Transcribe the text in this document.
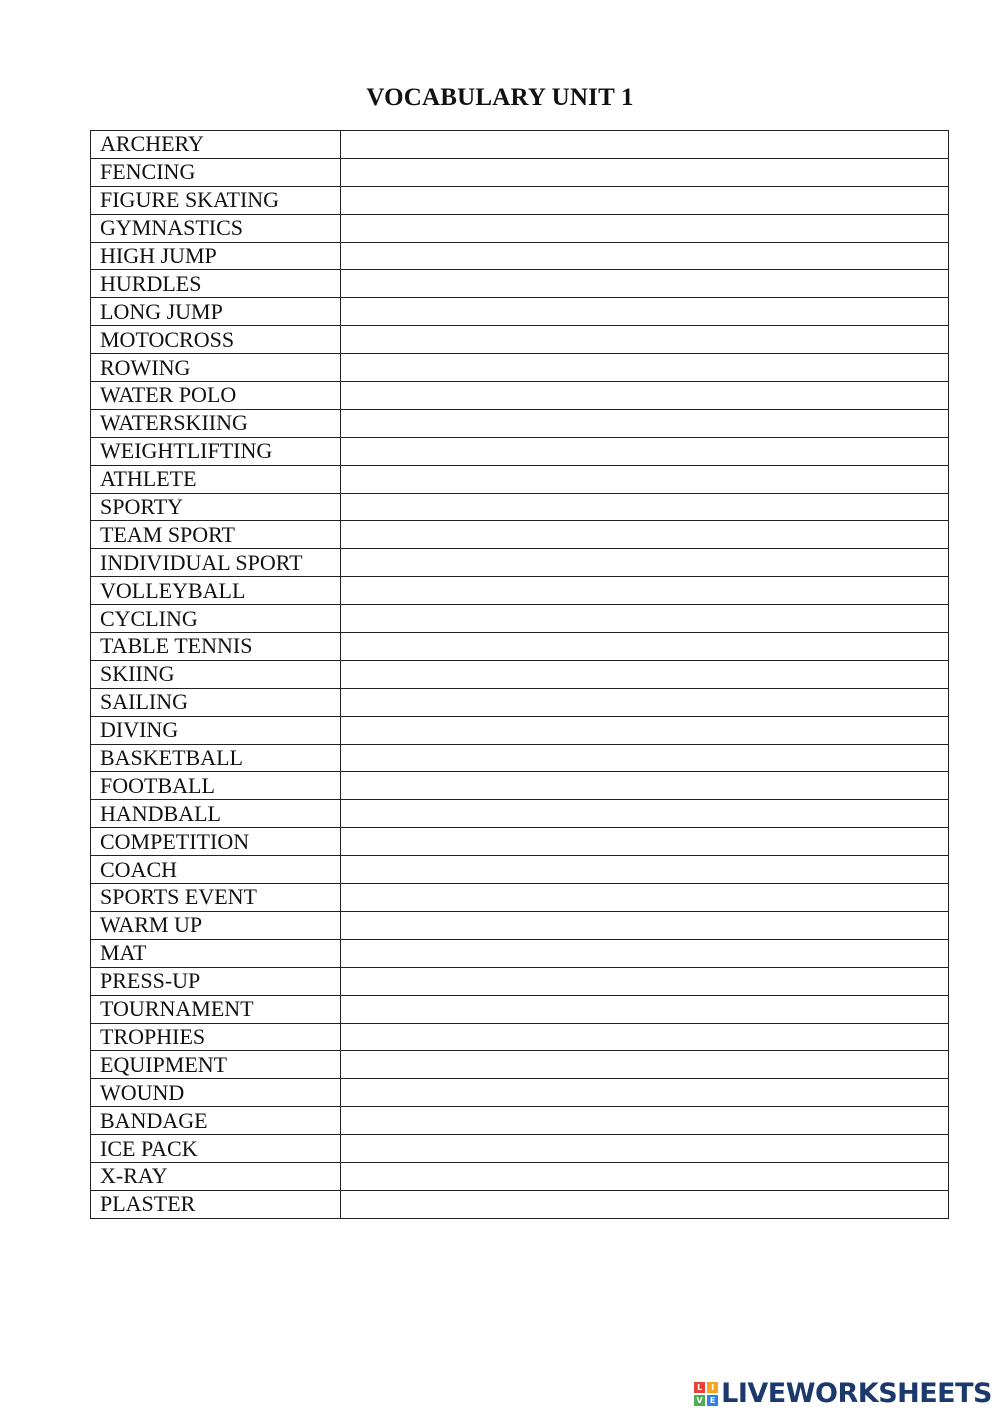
VOCABULARY UNIT 1
ARCHERY	
FENCING	
FIGURE SKATING	
GYMNASTICS	
HIGH JUMP	
HURDLES	
LONG JUMP	
MOTOCROSS	
ROWING	
WATER POLO	
WATERSKIING	
WEIGHTLIFTING	
ATHLETE	
SPORTY	
TEAM SPORT	
INDIVIDUAL SPORT	
VOLLEYBALL	
CYCLING	
TABLE TENNIS	
SKIING	
SAILING	
DIVING	
BASKETBALL	
FOOTBALL	
HANDBALL	
COMPETITION	
COACH	
SPORTS EVENT	
WARM UP	
MAT	
PRESS-UP	
TOURNAMENT	
TROPHIES	
EQUIPMENT	
WOUND	
BANDAGE	
ICE PACK	
X-RAY	
PLASTER	
L	I
V E LIVEWORKSHEETS
